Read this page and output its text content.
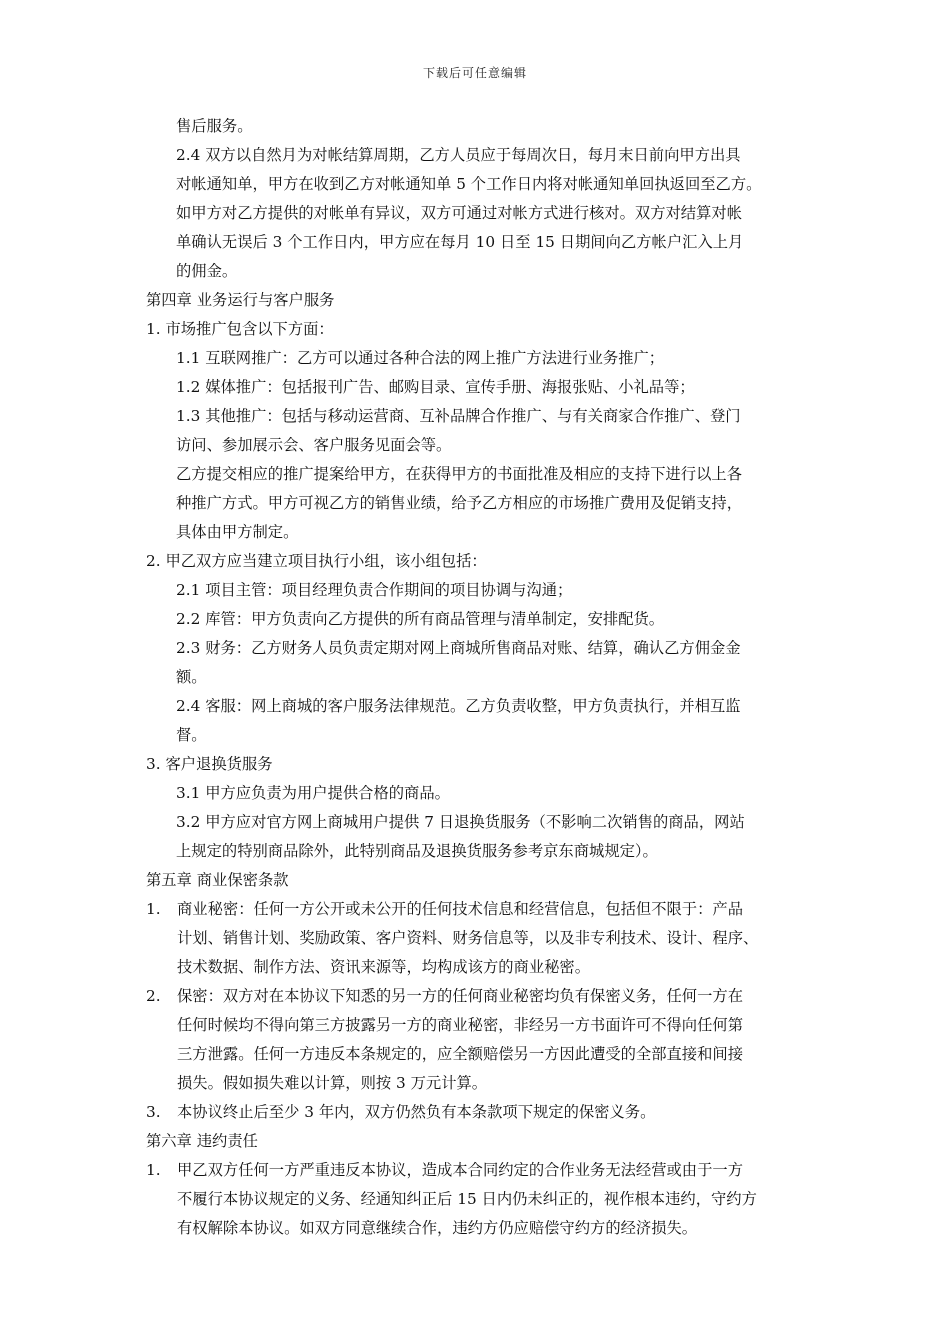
下载后可任意编辑
售后服务。
2.4 双方以自然月为对帐结算周期，乙方人员应于每周次日，每月末日前向甲方出具
对帐通知单，甲方在收到乙方对帐通知单 5 个工作日内将对帐通知单回执返回至乙方。
如甲方对乙方提供的对帐单有异议，双方可通过对帐方式进行核对。双方对结算对帐
单确认无误后 3 个工作日内，甲方应在每月 10 日至 15 日期间向乙方帐户汇入上月
的佣金。
第四章 业务运行与客户服务
1. 市场推广包含以下方面：
1.1 互联网推广：乙方可以通过各种合法的网上推广方法进行业务推广；
1.2 媒体推广：包括报刊广告、邮购目录、宣传手册、海报张贴、小礼品等；
1.3 其他推广：包括与移动运营商、互补品牌合作推广、与有关商家合作推广、登门
访问、参加展示会、客户服务见面会等。
乙方提交相应的推广提案给甲方，在获得甲方的书面批准及相应的支持下进行以上各
种推广方式。甲方可视乙方的销售业绩，给予乙方相应的市场推广费用及促销支持，
具体由甲方制定。
2. 甲乙双方应当建立项目执行小组，该小组包括：
2.1 项目主管：项目经理负责合作期间的项目协调与沟通；
2.2 库管：甲方负责向乙方提供的所有商品管理与清单制定，安排配货。
2.3 财务：乙方财务人员负责定期对网上商城所售商品对账、结算，确认乙方佣金金
额。
2.4 客服：网上商城的客户服务法律规范。乙方负责收整，甲方负责执行，并相互监
督。
3. 客户退换货服务
3.1 甲方应负责为用户提供合格的商品。
3.2 甲方应对官方网上商城用户提供 7 日退换货服务（不影响二次销售的商品，网站
上规定的特别商品除外，此特别商品及退换货服务参考京东商城规定）。
第五章 商业保密条款
1. 商业秘密：任何一方公开或未公开的任何技术信息和经营信息，包括但不限于：产品
计划、销售计划、奖励政策、客户资料、财务信息等，以及非专利技术、设计、程序、
技术数据、制作方法、资讯来源等，均构成该方的商业秘密。
2. 保密：双方对在本协议下知悉的另一方的任何商业秘密均负有保密义务，任何一方在
任何时候均不得向第三方披露另一方的商业秘密，非经另一方书面许可不得向任何第
三方泄露。任何一方违反本条规定的，应全额赔偿另一方因此遭受的全部直接和间接
损失。假如损失难以计算，则按 3 万元计算。
3. 本协议终止后至少 3 年内，双方仍然负有本条款项下规定的保密义务。
第六章 违约责任
1. 甲乙双方任何一方严重违反本协议，造成本合同约定的合作业务无法经营或由于一方
不履行本协议规定的义务、经通知纠正后 15 日内仍未纠正的，视作根本违约，守约方
有权解除本协议。如双方同意继续合作，违约方仍应赔偿守约方的经济损失。
